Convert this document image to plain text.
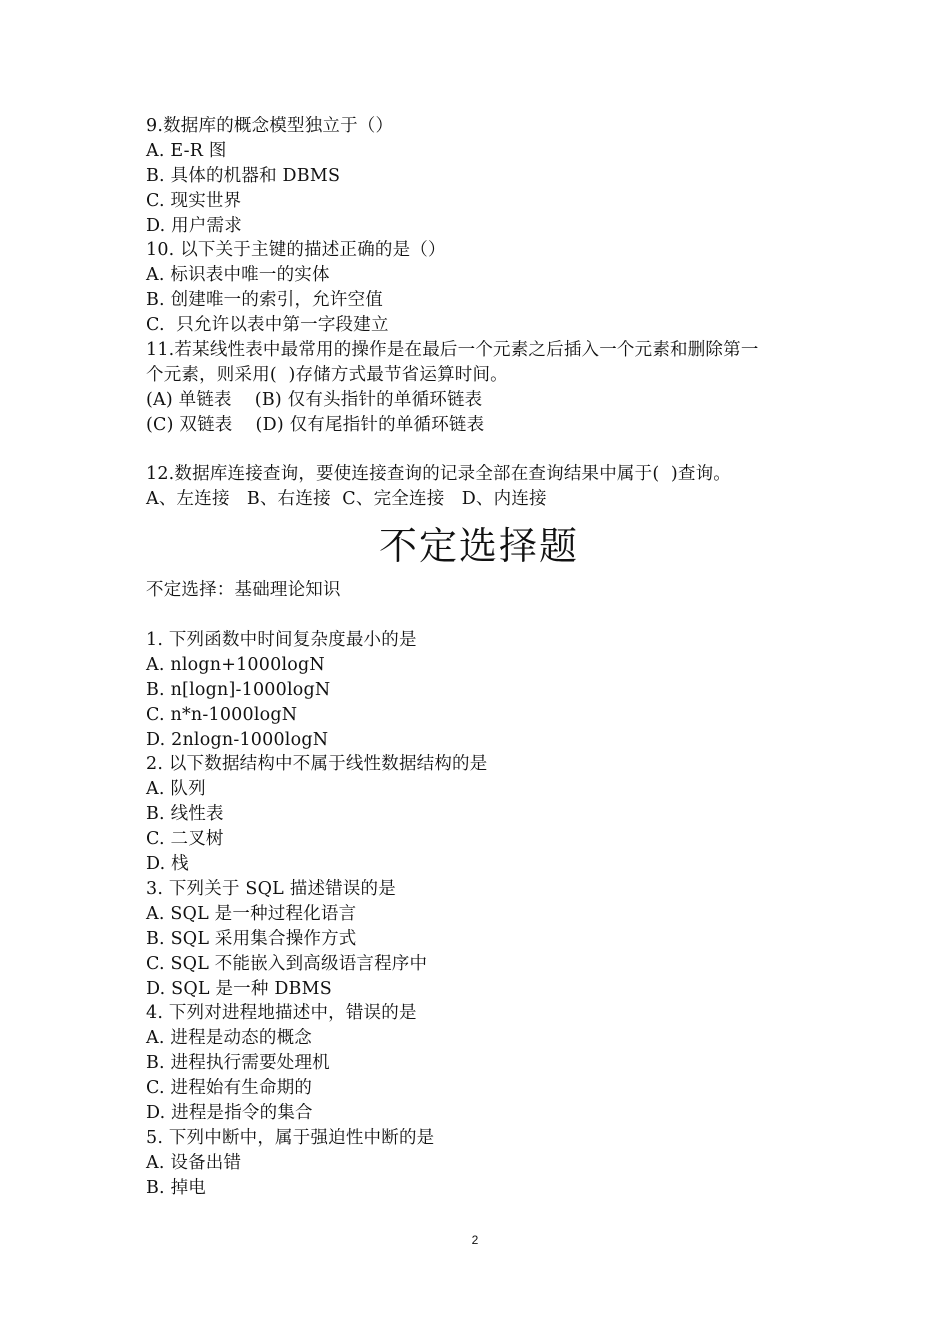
9.数据库的概念模型独立于（）
A. E-R 图
B. 具体的机器和 DBMS
C. 现实世界
D. 用户需求
10. 以下关于主键的描述正确的是（）
A. 标识表中唯一的实体
B. 创建唯一的索引，允许空值
C.  只允许以表中第一字段建立
11.若某线性表中最常用的操作是在最后一个元素之后插入一个元素和删除第一
个元素，则采用(  )存储方式最节省运算时间。
(A) 单链表    (B) 仅有头指针的单循环链表
(C) 双链表    (D) 仅有尾指针的单循环链表
12.数据库连接查询，要使连接查询的记录全部在查询结果中属于(  )查询。
A、左连接   B、右连接  C、完全连接   D、内连接
不定选择题
不定选择：基础理论知识
1. 下列函数中时间复杂度最小的是
A. nlogn+1000logN
B. n[logn]-1000logN
C. n*n-1000logN
D. 2nlogn-1000logN
2. 以下数据结构中不属于线性数据结构的是
A. 队列
B. 线性表
C. 二叉树
D. 栈
3. 下列关于 SQL 描述错误的是
A. SQL 是一种过程化语言
B. SQL 采用集合操作方式
C. SQL 不能嵌入到高级语言程序中
D. SQL 是一种 DBMS
4. 下列对进程地描述中，错误的是
A. 进程是动态的概念
B. 进程执行需要处理机
C. 进程始有生命期的
D. 进程是指令的集合
5. 下列中断中，属于强迫性中断的是
A. 设备出错
B. 掉电
2
